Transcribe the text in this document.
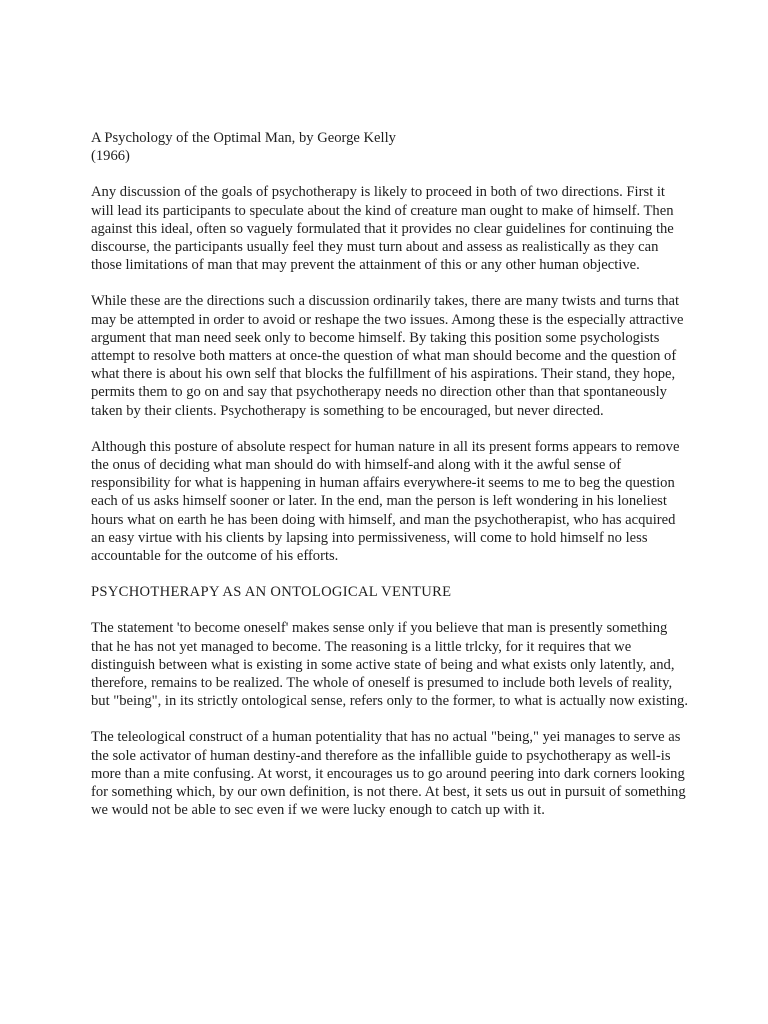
A Psychology of the Optimal Man, by George Kelly
(1966)

Any discussion of the goals of psychotherapy is likely to proceed in both of two directions. First it will lead its participants to speculate about the kind of creature man ought to make of himself. Then against this ideal, often so vaguely formulated that it provides no clear guidelines for continuing the discourse, the participants usually feel they must turn about and assess as realistically as they can those limitations of man that may prevent the attainment of this or any other human objective.

While these are the directions such a discussion ordinarily takes, there are many twists and turns that may be attempted in order to avoid or reshape the two issues. Among these is the especially attractive argument that man need seek only to become himself. By taking this position some psychologists attempt to resolve both matters at once-the question of what man should become and the question of what there is about his own self that blocks the fulfillment of his aspirations. Their stand, they hope, permits them to go on and say that psychotherapy needs no direction other than that spontaneously taken by their clients. Psychotherapy is something to be encouraged, but never directed.

Although this posture of absolute respect for human nature in all its present forms appears to remove the onus of deciding what man should do with himself-and along with it the awful sense of responsibility for what is happening in human affairs everywhere-it seems to me to beg the question each of us asks himself sooner or later. In the end, man the person is left wondering in his loneliest hours what on earth he has been doing with himself, and man the psychotherapist, who has acquired an easy virtue with his clients by lapsing into permissiveness, will come to hold himself no less accountable for the outcome of his efforts.

PSYCHOTHERAPY AS AN ONTOLOGICAL VENTURE

The statement 'to become oneself' makes sense only if you believe that man is presently something that he has not yet managed to become. The reasoning is a little trlcky, for it requires that we distinguish between what is existing in some active state of being and what exists only latently, and, therefore, remains to be realized. The whole of oneself is presumed to include both levels of reality, but "being", in its strictly ontological sense, refers only to the former, to what is actually now existing.

The teleological construct of a human potentiality that has no actual "being," yei manages to serve as the sole activator of human destiny-and therefore as the infallible guide to psychotherapy as well-is more than a mite confusing. At worst, it encourages us to go around peering into dark corners looking for something which, by our own definition, is not there. At best, it sets us out in pursuit of something we would not be able to sec even if we were lucky enough to catch up with it.
